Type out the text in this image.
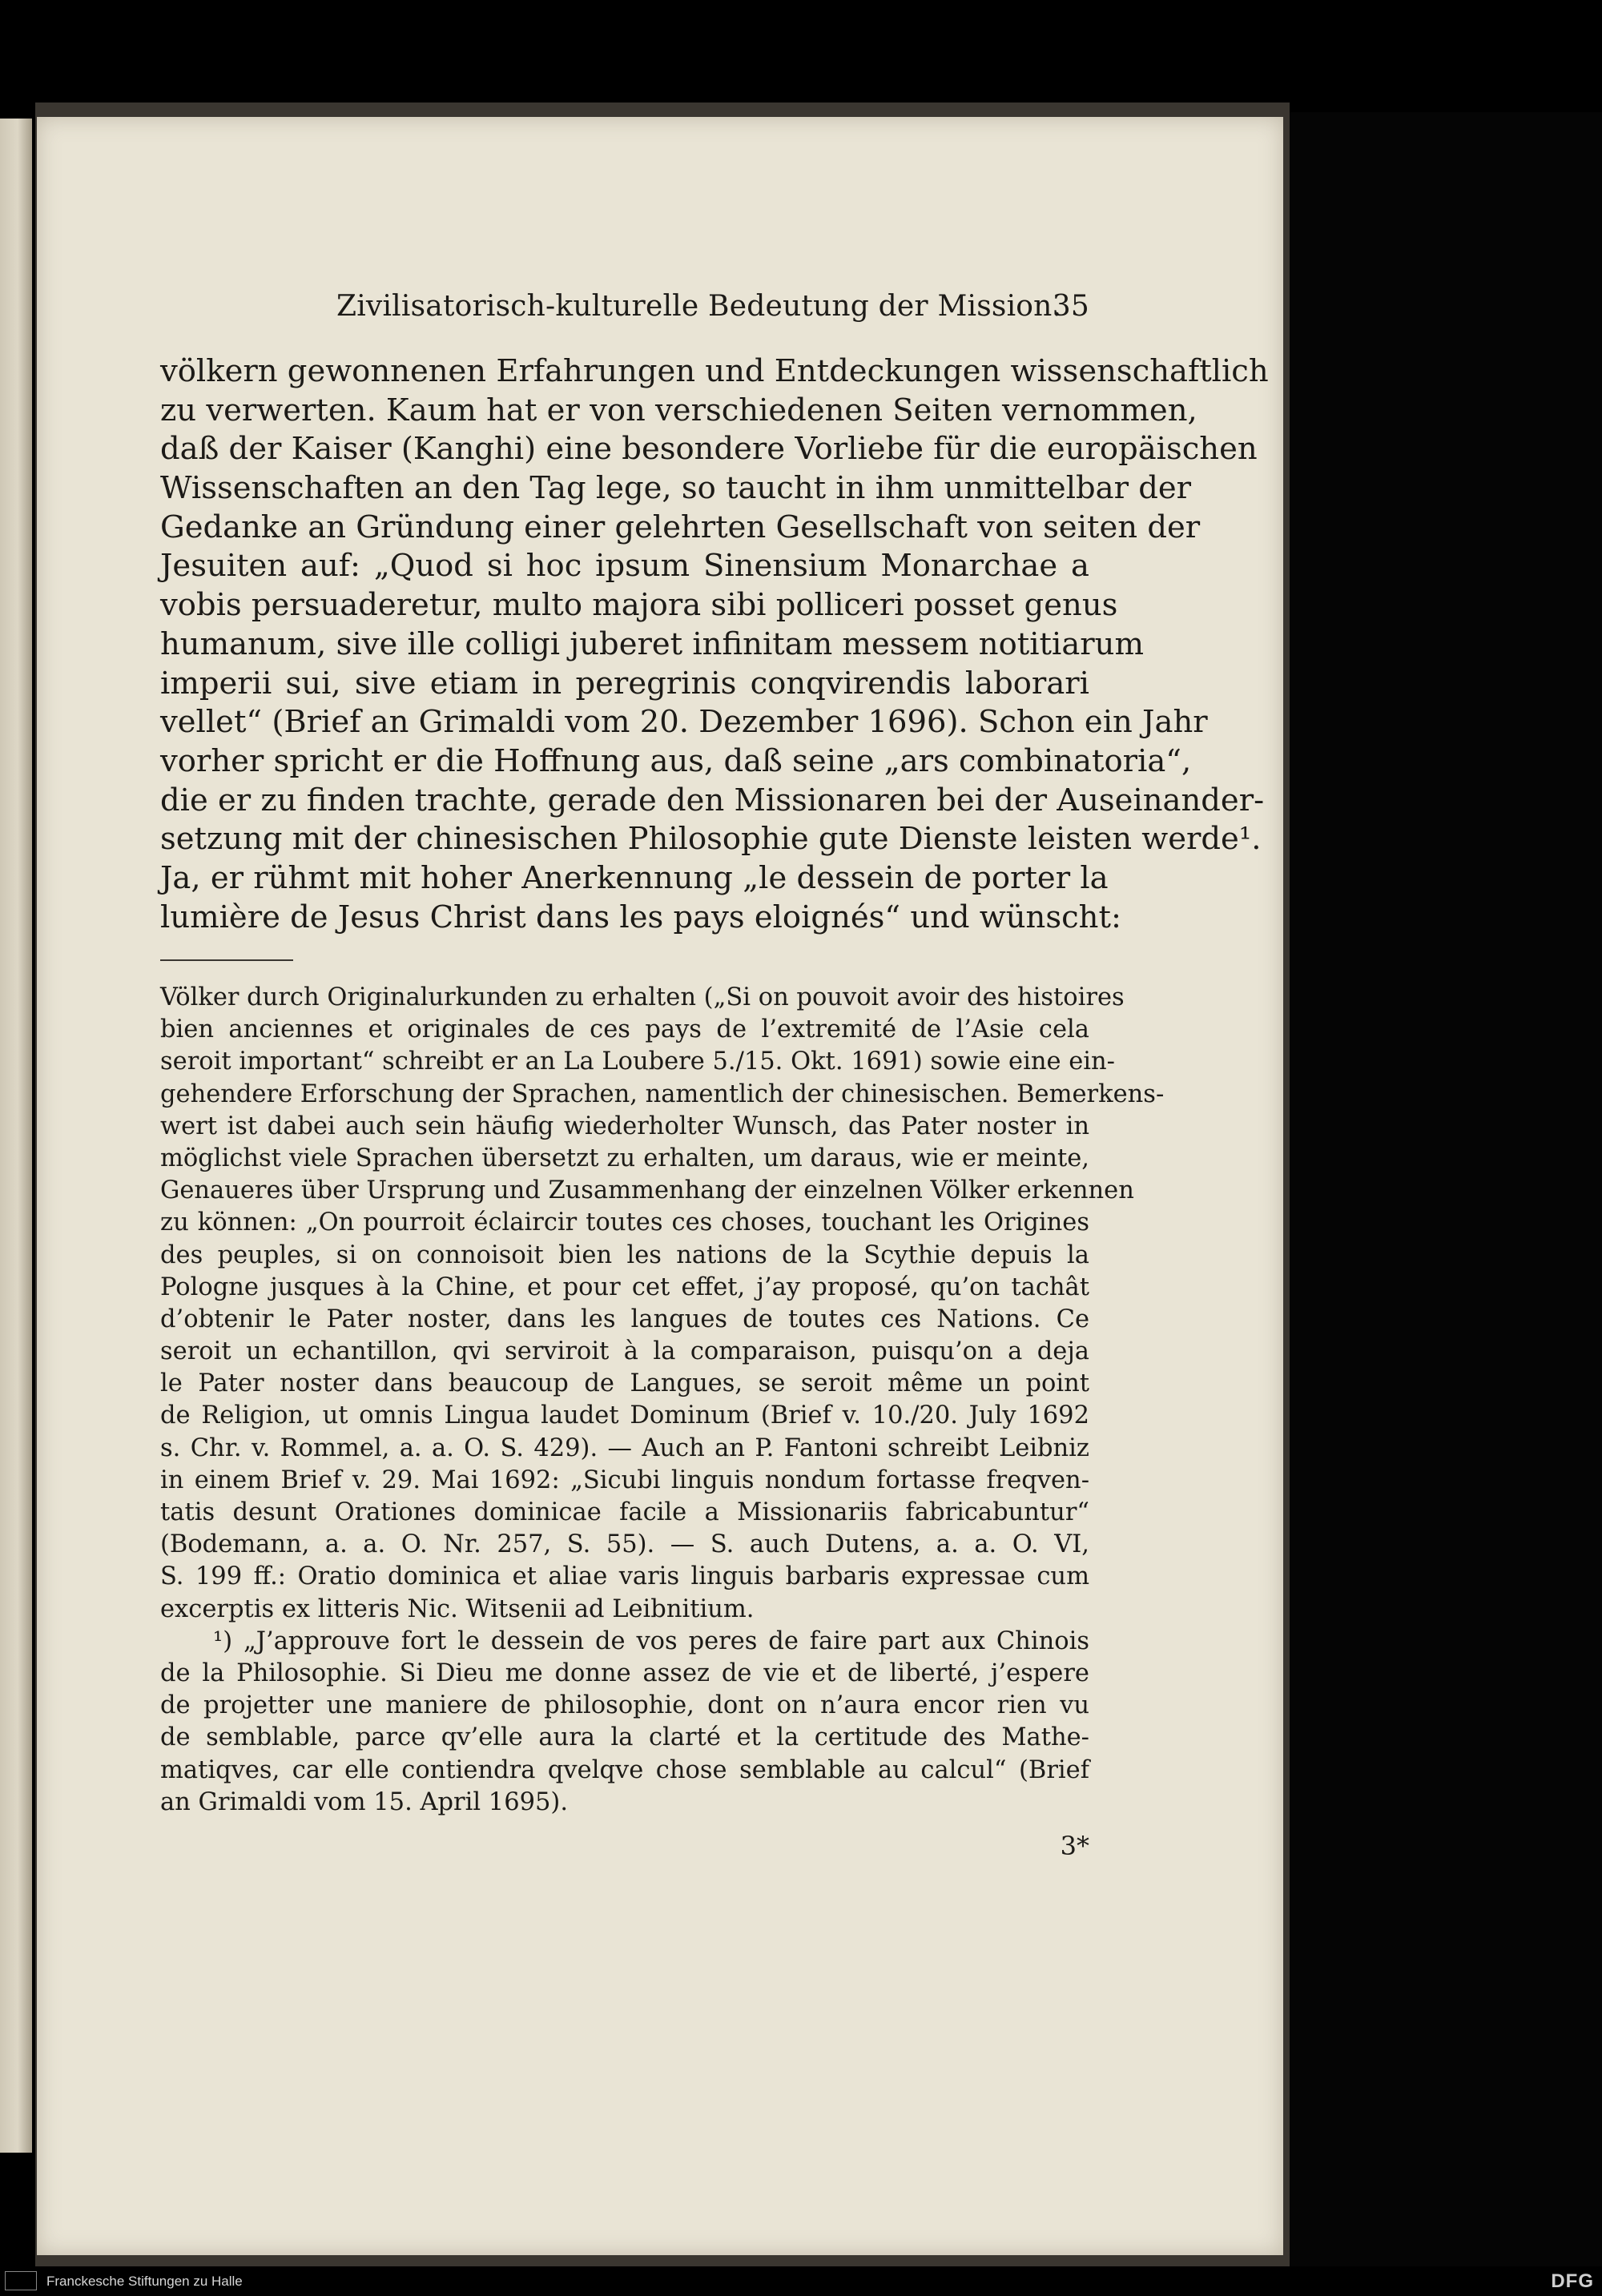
Zivilisatorisch-kulturelle Bedeutung der Mission.
35
völkern gewonnenen Erfahrungen und Entdeckungen wissenschaftlich
zu verwerten. Kaum hat er von verschiedenen Seiten vernommen,
daß der Kaiser (Kanghi) eine besondere Vorliebe für die europäischen
Wissenschaften an den Tag lege, so taucht in ihm unmittelbar der
Gedanke an Gründung einer gelehrten Gesellschaft von seiten der
Jesuiten auf: „Quod si hoc ipsum Sinensium Monarchae a
vobis persuaderetur, multo majora sibi polliceri posset genus
humanum, sive ille colligi juberet infinitam messem notitiarum
imperii sui, sive etiam in peregrinis conqvirendis laborari
vellet“ (Brief an Grimaldi vom 20. Dezember 1696). Schon ein Jahr
vorher spricht er die Hoffnung aus, daß seine „ars combinatoria“,
die er zu finden trachte, gerade den Missionaren bei der Auseinander-
setzung mit der chinesischen Philosophie gute Dienste leisten werde¹.
Ja, er rühmt mit hoher Anerkennung „le dessein de porter la
lumière de Jesus Christ dans les pays eloignés“ und wünscht:
Völker durch Originalurkunden zu erhalten („Si on pouvoit avoir des histoires
bien anciennes et originales de ces pays de l’extremité de l’Asie cela
seroit important“ schreibt er an La Loubere 5./15. Okt. 1691) sowie eine ein-
gehendere Erforschung der Sprachen, namentlich der chinesischen. Bemerkens-
wert ist dabei auch sein häufig wiederholter Wunsch, das Pater noster in
möglichst viele Sprachen übersetzt zu erhalten, um daraus, wie er meinte,
Genaueres über Ursprung und Zusammenhang der einzelnen Völker erkennen
zu können: „On pourroit éclaircir toutes ces choses, touchant les Origines
des peuples, si on connoisoit bien les nations de la Scythie depuis la
Pologne jusques à la Chine, et pour cet effet, j’ay proposé, qu’on tachât
d’obtenir le Pater noster, dans les langues de toutes ces Nations. Ce
seroit un echantillon, qvi serviroit à la comparaison, puisqu’on a deja
le Pater noster dans beaucoup de Langues, se seroit même un point
de Religion, ut omnis Lingua laudet Dominum (Brief v. 10./20. July 1692
s. Chr. v. Rommel, a. a. O. S. 429). — Auch an P. Fantoni schreibt Leibniz
in einem Brief v. 29. Mai 1692: „Sicubi linguis nondum fortasse freqven-
tatis desunt Orationes dominicae facile a Missionariis fabricabuntur“
(Bodemann, a. a. O. Nr. 257, S. 55). — S. auch Dutens, a. a. O. VI,
S. 199 ff.: Oratio dominica et aliae varis linguis barbaris expressae cum
excerptis ex litteris Nic. Witsenii ad Leibnitium.
¹) „J’approuve fort le dessein de vos peres de faire part aux Chinois
de la Philosophie. Si Dieu me donne assez de vie et de liberté, j’espere
de projetter une maniere de philosophie, dont on n’aura encor rien vu
de semblable, parce qv’elle aura la clarté et la certitude des Mathe-
matiqves, car elle contiendra qvelqve chose semblable au calcul“ (Brief
an Grimaldi vom 15. April 1695).
3*
Franckesche Stiftungen zu Halle	DFG
